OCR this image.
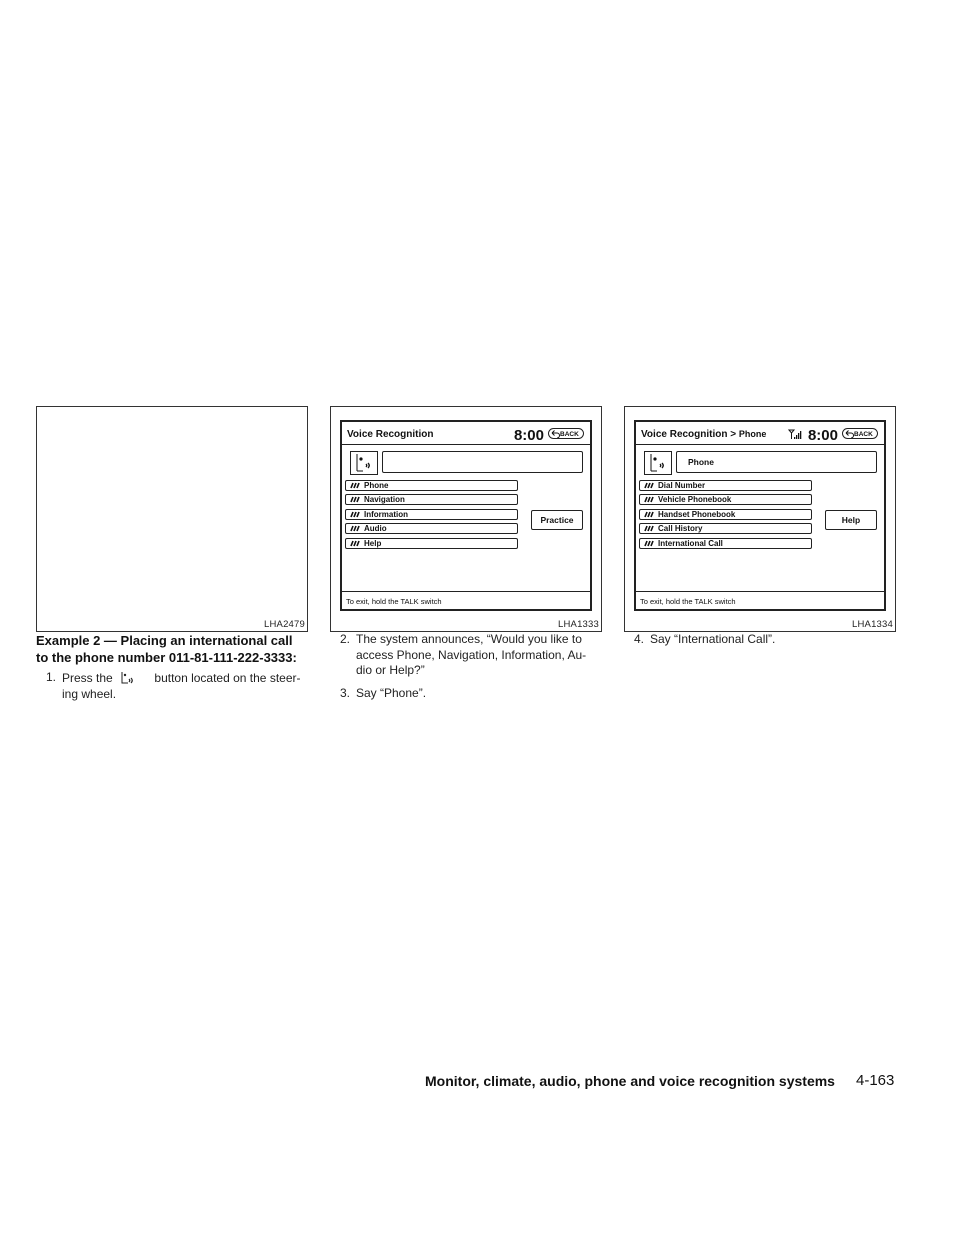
LHA2479
Voice Recognition	8:00	BACK
Phone
Navigation
Information
Audio
Help
Practice
To exit, hold the TALK switch
LHA1333
Voice Recognition > Phone	8:00	BACK
Phone
Dial Number
Vehicle Phonebook
Handset Phonebook
Call History
International Call
Help
To exit, hold the TALK switch
LHA1334
Example 2 — Placing an international call to the phone number 011-81-111-222-3333:
1. Press the	button located on the steer-ing wheel.
2. The system announces, “Would you like to access Phone, Navigation, Information, Au-dio or Help?”
3. Say “Phone”.
4. Say “International Call”.
Monitor, climate, audio, phone and voice recognition systems 4-163
